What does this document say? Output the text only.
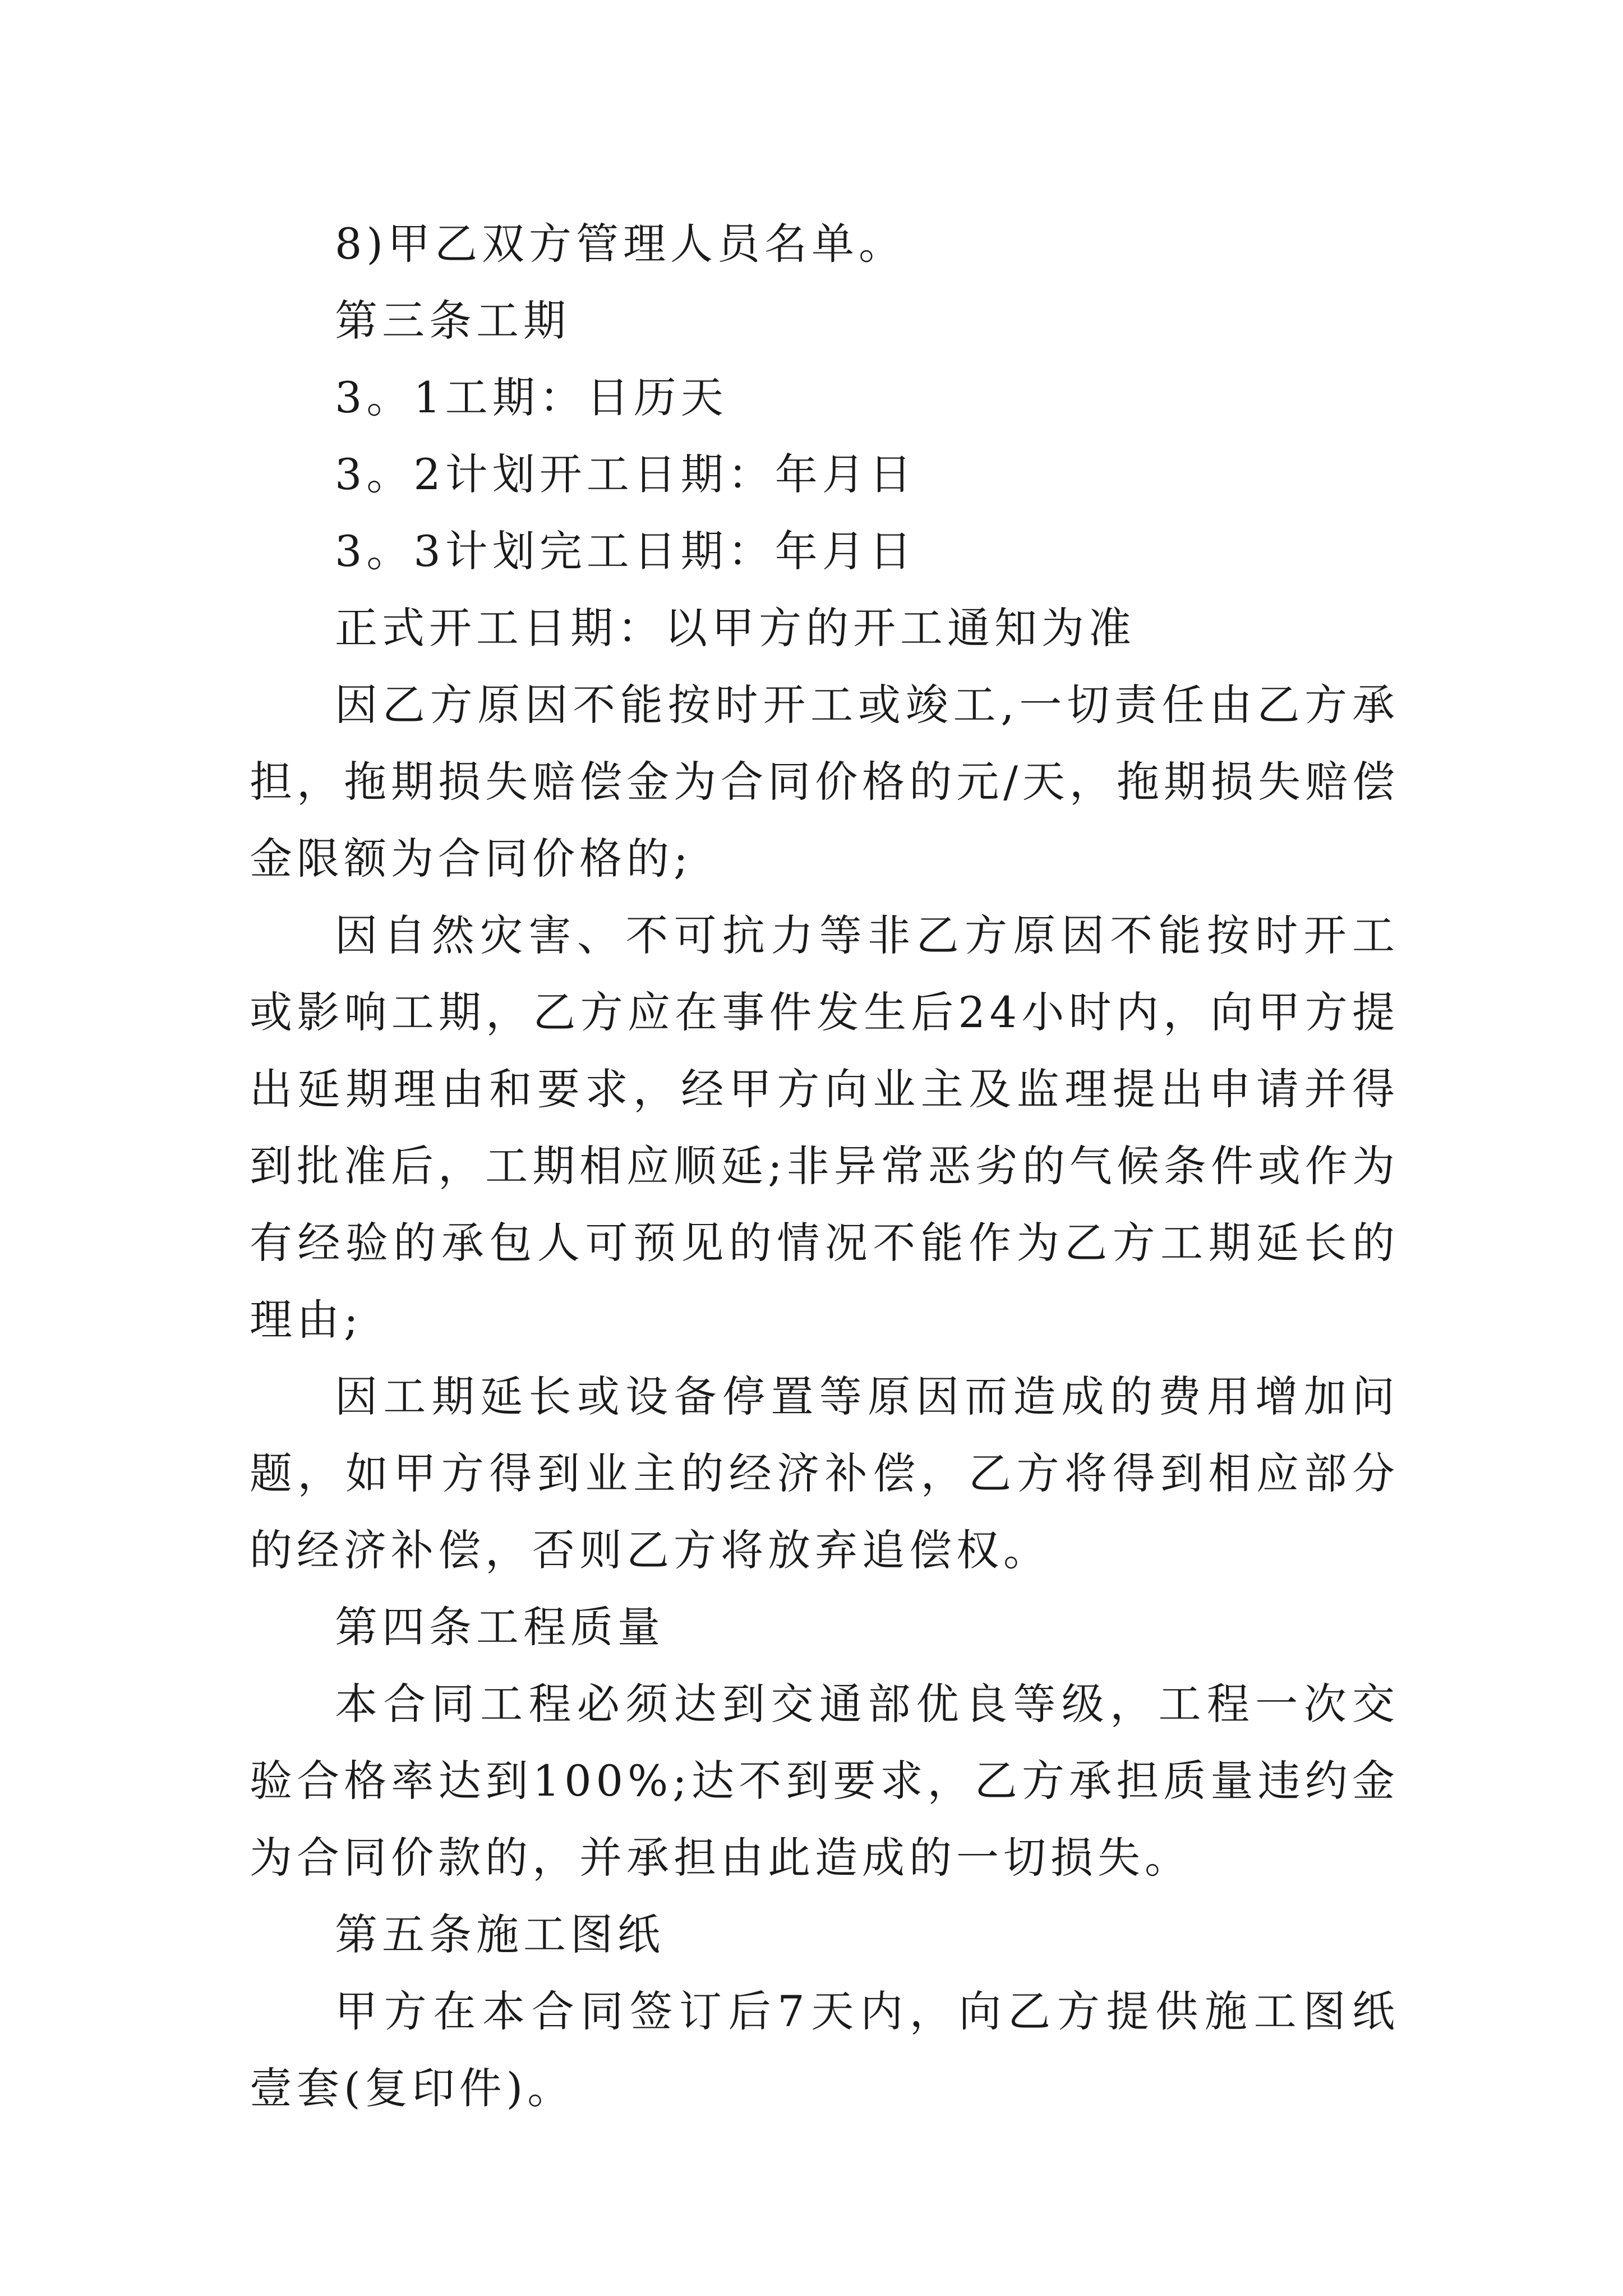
8)甲乙双方管理人员名单。

第三条工期

3。1工期：日历天

3。2计划开工日期：年月日

3。3计划完工日期：年月日

正式开工日期：以甲方的开工通知为准

因乙方原因不能按时开工或竣工,一切责任由乙方承担，拖期损失赔偿金为合同价格的元/天，拖期损失赔偿金限额为合同价格的;

因自然灾害、不可抗力等非乙方原因不能按时开工或影响工期，乙方应在事件发生后24小时内，向甲方提出延期理由和要求，经甲方向业主及监理提出申请并得到批准后，工期相应顺延;非异常恶劣的气候条件或作为有经验的承包人可预见的情况不能作为乙方工期延长的理由;

因工期延长或设备停置等原因而造成的费用增加问题，如甲方得到业主的经济补偿，乙方将得到相应部分的经济补偿，否则乙方将放弃追偿权。

第四条工程质量

本合同工程必须达到交通部优良等级，工程一次交验合格率达到100%;达不到要求，乙方承担质量违约金为合同价款的，并承担由此造成的一切损失。

第五条施工图纸

甲方在本合同签订后7天内，向乙方提供施工图纸壹套(复印件)。
